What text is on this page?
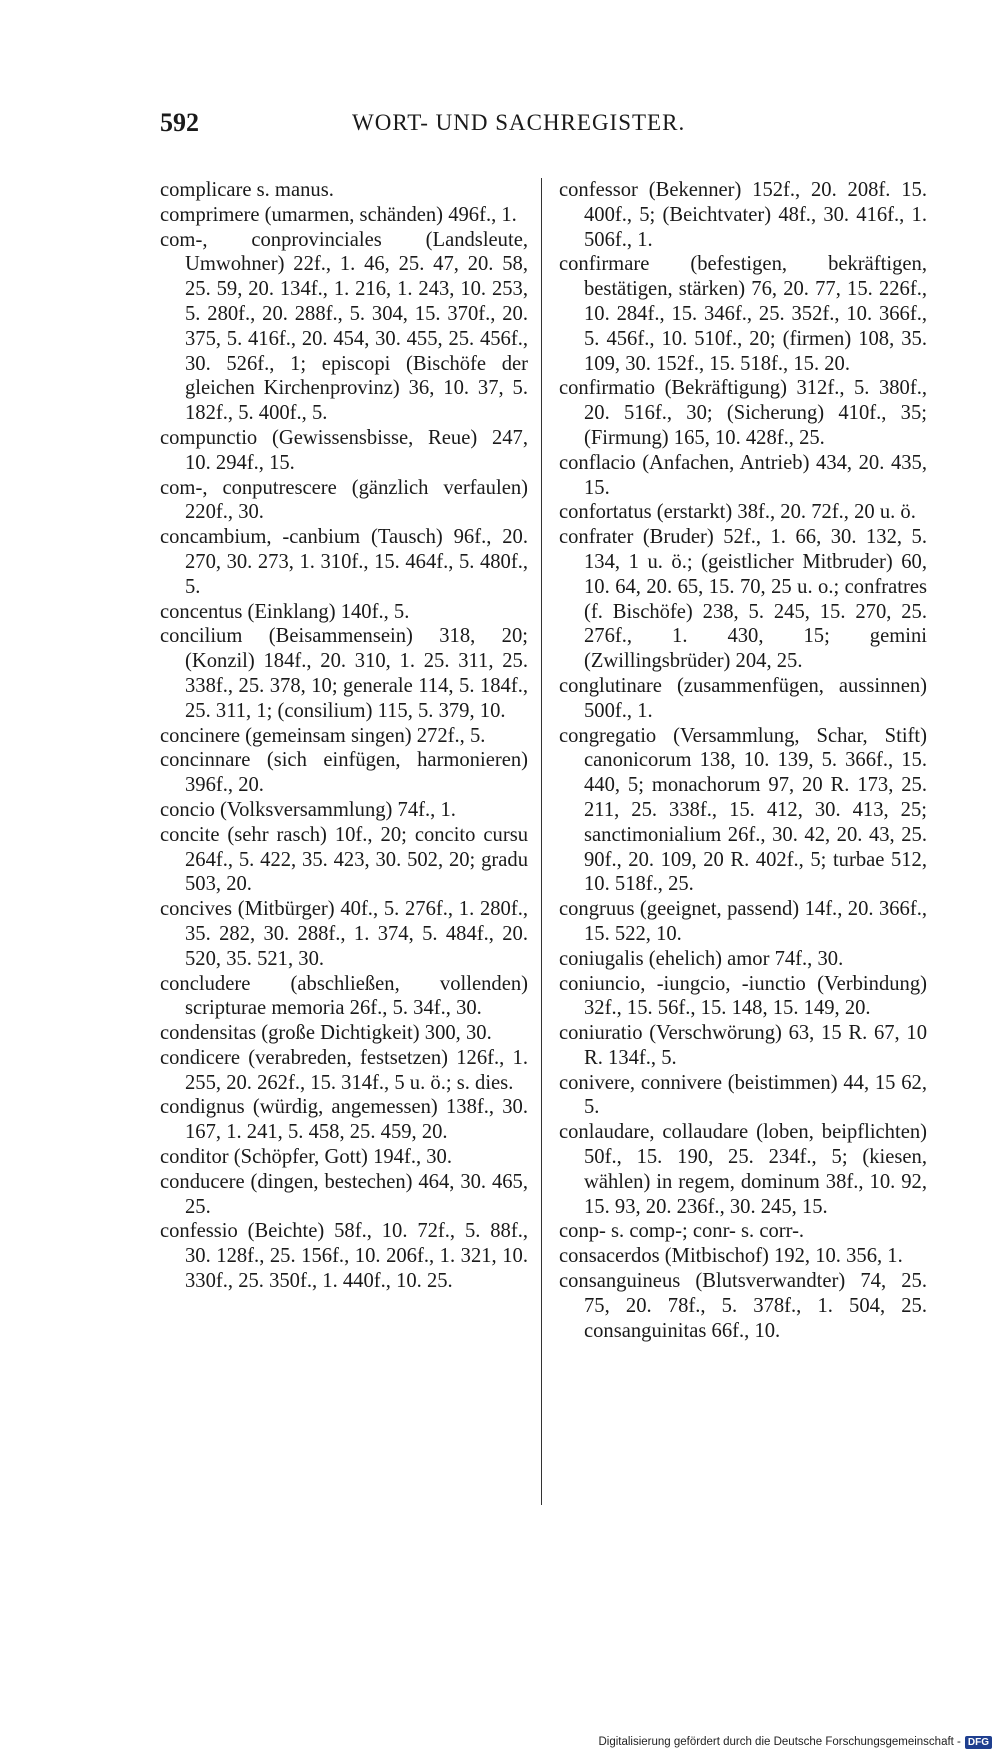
592	WORT- UND SACHREGISTER.

complicare s. manus.

comprimere (umarmen, schänden) 496f., 1.

com-, conprovinciales (Landsleute, Umwohner) 22f., 1. 46, 25. 47, 20. 58, 25. 59, 20. 134f., 1. 216, 1. 243, 10. 253, 5. 280f., 20. 288f., 5. 304, 15. 370f., 20. 375, 5. 416f., 20. 454, 30. 455, 25. 456f., 30. 526f., 1; episcopi (Bischöfe der gleichen Kirchenprovinz) 36, 10. 37, 5. 182f., 5. 400f., 5.

compunctio (Gewissensbisse, Reue) 247, 10. 294f., 15.

com-, conputrescere (gänzlich verfaulen) 220f., 30.

concambium, -canbium (Tausch) 96f., 20. 270, 30. 273, 1. 310f., 15. 464f., 5. 480f., 5.

concentus (Einklang) 140f., 5.

concilium (Beisammensein) 318, 20; (Konzil) 184f., 20. 310, 1. 25. 311, 25. 338f., 25. 378, 10; generale 114, 5. 184f., 25. 311, 1; (consilium) 115, 5. 379, 10.

concinere (gemeinsam singen) 272f., 5.

concinnare (sich einfügen, harmonieren) 396f., 20.

concio (Volksversammlung) 74f., 1.

concite (sehr rasch) 10f., 20; concito cursu 264f., 5. 422, 35. 423, 30. 502, 20; gradu 503, 20.

concives (Mitbürger) 40f., 5. 276f., 1. 280f., 35. 282, 30. 288f., 1. 374, 5. 484f., 20. 520, 35. 521, 30.

concludere (abschließen, vollenden) scripturae memoria 26f., 5. 34f., 30.

condensitas (große Dichtigkeit) 300, 30.

condicere (verabreden, festsetzen) 126f., 1. 255, 20. 262f., 15. 314f., 5 u. ö.; s. dies.

condignus (würdig, angemessen) 138f., 30. 167, 1. 241, 5. 458, 25. 459, 20.

conditor (Schöpfer, Gott) 194f., 30.

conducere (dingen, bestechen) 464, 30. 465, 25.

confessio (Beichte) 58f., 10. 72f., 5. 88f., 30. 128f., 25. 156f., 10. 206f., 1. 321, 10. 330f., 25. 350f., 1. 440f., 10. 25.

confessor (Bekenner) 152f., 20. 208f. 15. 400f., 5; (Beichtvater) 48f., 30. 416f., 1. 506f., 1.

confirmare (befestigen, bekräftigen, bestätigen, stärken) 76, 20. 77, 15. 226f., 10. 284f., 15. 346f., 25. 352f., 10. 366f., 5. 456f., 10. 510f., 20; (firmen) 108, 35. 109, 30. 152f., 15. 518f., 15. 20.

confirmatio (Bekräftigung) 312f., 5. 380f., 20. 516f., 30; (Sicherung) 410f., 35; (Firmung) 165, 10. 428f., 25.

conflacio (Anfachen, Antrieb) 434, 20. 435, 15.

confortatus (erstarkt) 38f., 20. 72f., 20 u. ö.

confrater (Bruder) 52f., 1. 66, 30. 132, 5. 134, 1 u. ö.; (geistlicher Mitbruder) 60, 10. 64, 20. 65, 15. 70, 25 u. o.; confratres (f. Bischöfe) 238, 5. 245, 15. 270, 25. 276f., 1. 430, 15; gemini (Zwillingsbrüder) 204, 25.

conglutinare (zusammenfügen, aussinnen) 500f., 1.

congregatio (Versammlung, Schar, Stift) canonicorum 138, 10. 139, 5. 366f., 15. 440, 5; monachorum 97, 20 R. 173, 25. 211, 25. 338f., 15. 412, 30. 413, 25; sanctimonialium 26f., 30. 42, 20. 43, 25. 90f., 20. 109, 20 R. 402f., 5; turbae 512, 10. 518f., 25.

congruus (geeignet, passend) 14f., 20. 366f., 15. 522, 10.

coniugalis (ehelich) amor 74f., 30.

coniuncio, -iungcio, -iunctio (Verbindung) 32f., 15. 56f., 15. 148, 15. 149, 20.

coniuratio (Verschwörung) 63, 15 R. 67, 10 R. 134f., 5.

conivere, connivere (beistimmen) 44, 15 62, 5.

conlaudare, collaudare (loben, beipflichten) 50f., 15. 190, 25. 234f., 5; (kiesen, wählen) in regem, dominum 38f., 10. 92, 15. 93, 20. 236f., 30. 245, 15.

conp- s. comp-; conr- s. corr-.

consacerdos (Mitbischof) 192, 10. 356, 1.

consanguineus (Blutsverwandter) 74, 25. 75, 20. 78f., 5. 378f., 1. 504, 25. consanguinitas 66f., 10.

Digitalisierung gefördert durch die Deutsche Forschungsgemeinschaft - DFG
